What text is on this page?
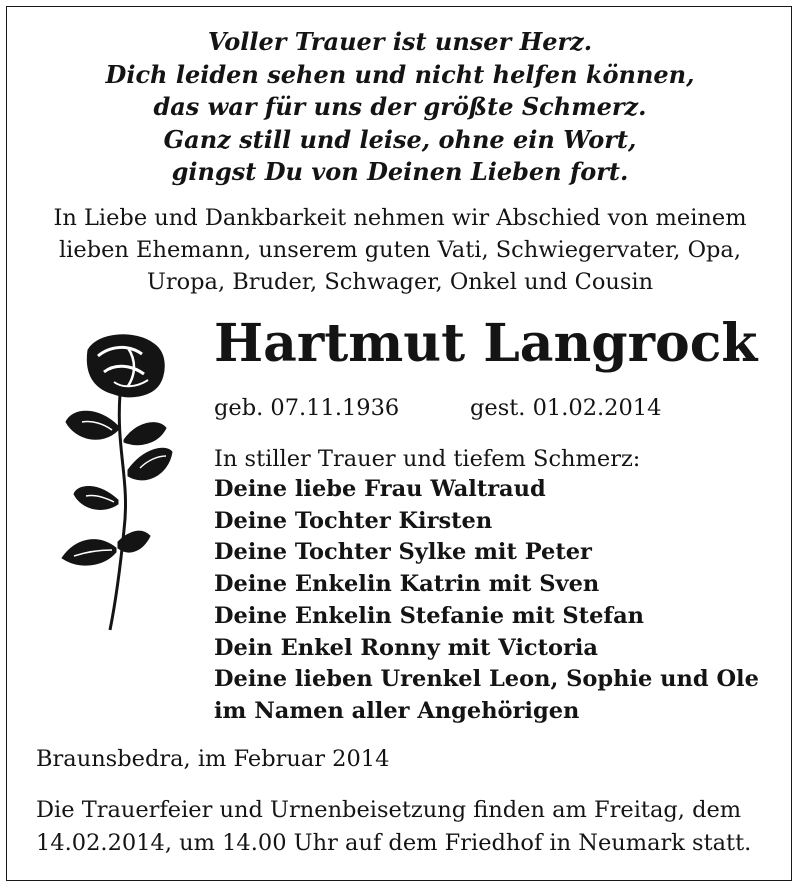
Voller Trauer ist unser Herz.
Dich leiden sehen und nicht helfen können,
das war für uns der größte Schmerz.
Ganz still und leise, ohne ein Wort,
gingst Du von Deinen Lieben fort.
In Liebe und Dankbarkeit nehmen wir Abschied von meinem
lieben Ehemann, unserem guten Vati, Schwiegervater, Opa,
Uropa, Bruder, Schwager, Onkel und Cousin
Hartmut Langrock
geb. 07.11.1936	gest. 01.02.2014
In stiller Trauer und tiefem Schmerz:
Deine liebe Frau Waltraud
Deine Tochter Kirsten
Deine Tochter Sylke mit Peter
Deine Enkelin Katrin mit Sven
Deine Enkelin Stefanie mit Stefan
Dein Enkel Ronny mit Victoria
Deine lieben Urenkel Leon, Sophie und Ole
im Namen aller Angehörigen
Braunsbedra, im Februar 2014
Die Trauerfeier und Urnenbeisetzung finden am Freitag, dem
14.02.2014, um 14.00 Uhr auf dem Friedhof in Neumark statt.
